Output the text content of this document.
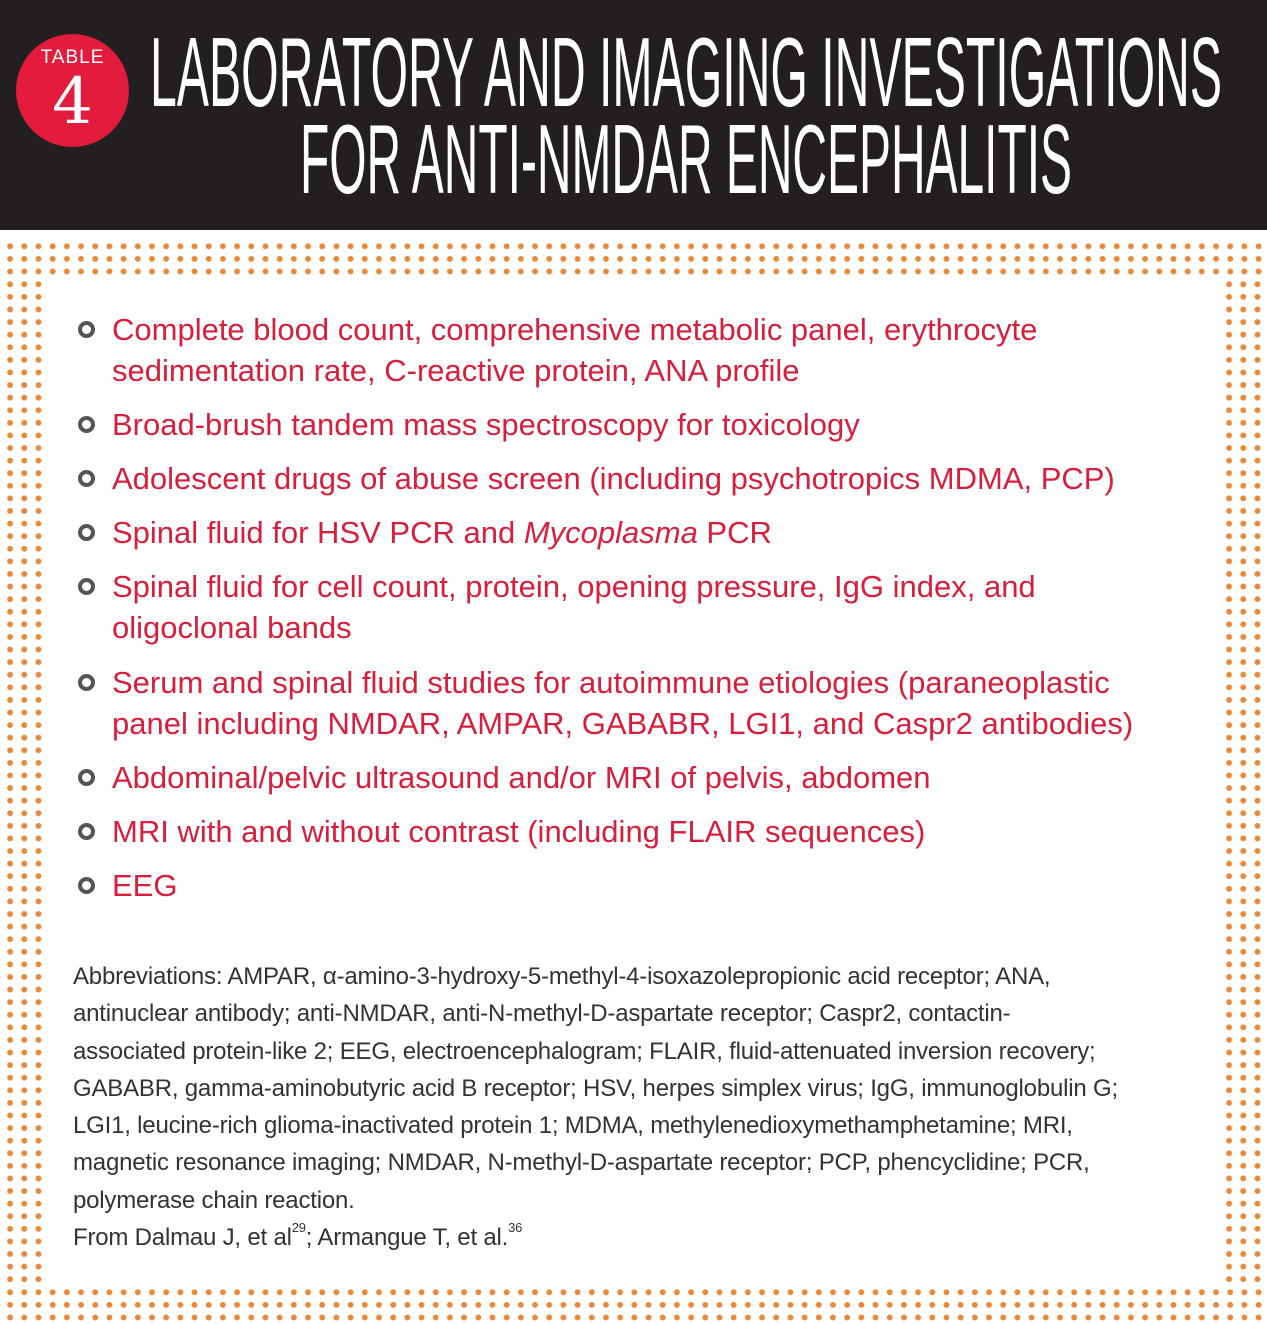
TABLE
4 LABORATORY AND IMAGING INVESTIGATIONS
FOR ANTI-NMDAR ENCEPHALITIS
Complete blood count, comprehensive metabolic panel, erythrocyte
sedimentation rate, C-reactive protein, ANA profile
Broad-brush tandem mass spectroscopy for toxicology
Adolescent drugs of abuse screen (including psychotropics MDMA, PCP)
Spinal fluid for HSV PCR and Mycoplasma PCR
Spinal fluid for cell count, protein, opening pressure, IgG index, and
oligoclonal bands
Serum and spinal fluid studies for autoimmune etiologies (paraneoplastic
panel including NMDAR, AMPAR, GABABR, LGI1, and Caspr2 antibodies)
Abdominal/pelvic ultrasound and/or MRI of pelvis, abdomen
MRI with and without contrast (including FLAIR sequences)
EEG
Abbreviations: AMPAR, α-amino-3-hydroxy-5-methyl-4-isoxazolepropionic acid receptor; ANA,
antinuclear antibody; anti-NMDAR, anti-N-methyl-D-aspartate receptor; Caspr2, contactin-
associated protein-like 2; EEG, electroencephalogram; FLAIR, fluid-attenuated inversion recovery;
GABABR, gamma-aminobutyric acid B receptor; HSV, herpes simplex virus; IgG, immunoglobulin G;
LGI1, leucine-rich glioma-inactivated protein 1; MDMA, methylenedioxymethamphetamine; MRI,
magnetic resonance imaging; NMDAR, N-methyl-D-aspartate receptor; PCP, phencyclidine; PCR,
polymerase chain reaction.
From Dalmau J, et $al^{29}$; Armangue T, et al.$^{36}$
